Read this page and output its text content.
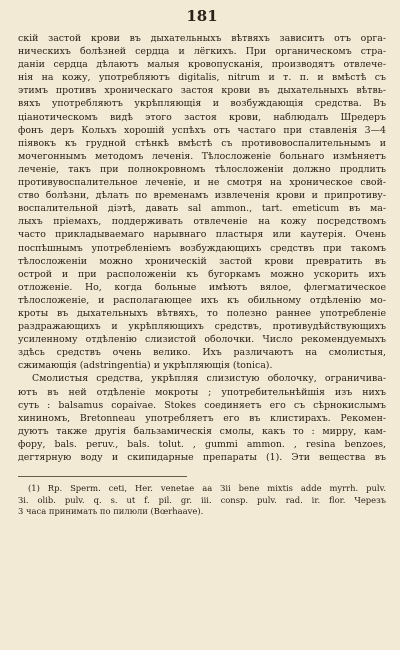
181
скій застой крови въ дыхательныхъ вѣтвяхъ зависитъ отъ орга-
ническихъ болѣзней сердца и лёгкихъ. При органическомъ стра-
даніи сердца дѣлаютъ малыя кровопусканія, производятъ отвлече-
нія на кожу, употребляютъ digitalis, nitrum и т. п. и вмѣстѣ съ
этимъ противъ хроническаго застоя крови въ дыхательныхъ вѣтвь-
вяхъ употребляютъ укрѣпляющія и возбуждающія средства. Въ
ціанотическомъ видѣ этого застоя крови, наблюдалъ Шредеръ
фонъ деръ Кольхъ хорошій успѣхъ отъ частаго при ставленія 3—4
піявокъ къ грудной стѣнкѣ вмѣстѣ съ противовоспалительнымъ и
мочегоннымъ методомъ леченія. Тѣлосложеніе больнаго измѣняетъ
леченіе, такъ при полнокровномъ тѣлосложеніи должно продлить
противувоспалительное леченіе, и не смотря на хроническое свой-
ство болѣзни, дѣлать по временамъ извлеченія крови и припротиву-
воспалительной діэтѣ, давать sal ammon., tart. emeticum въ ма-
лыхъ пріемахъ, поддерживать отвлеченіе на кожу посредствомъ
часто прикладываемаго нарывнаго пластыря или каутерія. Очень
поспѣшнымъ употребленіемъ возбуждающихъ средствъ при такомъ
тѣлосложеніи можно хроническій застой крови превратить въ
острой и при расположеніи къ бугоркамъ можно ускорить ихъ
отложеніе. Но, когда больные имѣютъ вялое, флегматическое
тѣлосложеніе, и располагающее ихъ къ обильному отдѣленію мо-
кроты въ дыхательныхъ вѣтвяхъ, то полезно раннее употребленіе
раздражающихъ и укрѣпляющихъ средствъ, противудѣйствующихъ
усиленному отдѣленію слизистой оболочки. Число рекомендуемыхъ
здѣсь средствъ очень велико. Ихъ различаютъ на смолистыя,
сжимающія (adstringentia) и укрѣпляющія (tonica).
Смолистыя средства, укрѣпляя слизистую оболочку, ограничива-
ютъ въ ней отдѣленіе мокроты ; употребительнѣйшія изъ нихъ
суть : balsamus copaivae. Stokes соединяетъ его съ сѣрнокислымъ
хининомъ, Bretonneau употребляетъ его въ клистирахъ. Рекомен-
дуютъ также другія бальзамическія смолы, какъ то : мирру, кам-
фору, bals. peruv., bals. tolut. , gummi ammon. , resina benzoes,
дегтярную воду и скипидарные препараты (1). Эти вещества въ
(1) Rp. Sperm. ceti, Her. venetae aa Зii bene mixtis adde myrrh. pulv.
Зi. olib. pulv. q. s. ut f. pil. gr. iii. consp. pulv. rad. ir. flor. Черезъ
3 часа принимать по пилюли (Bœrhaave).
